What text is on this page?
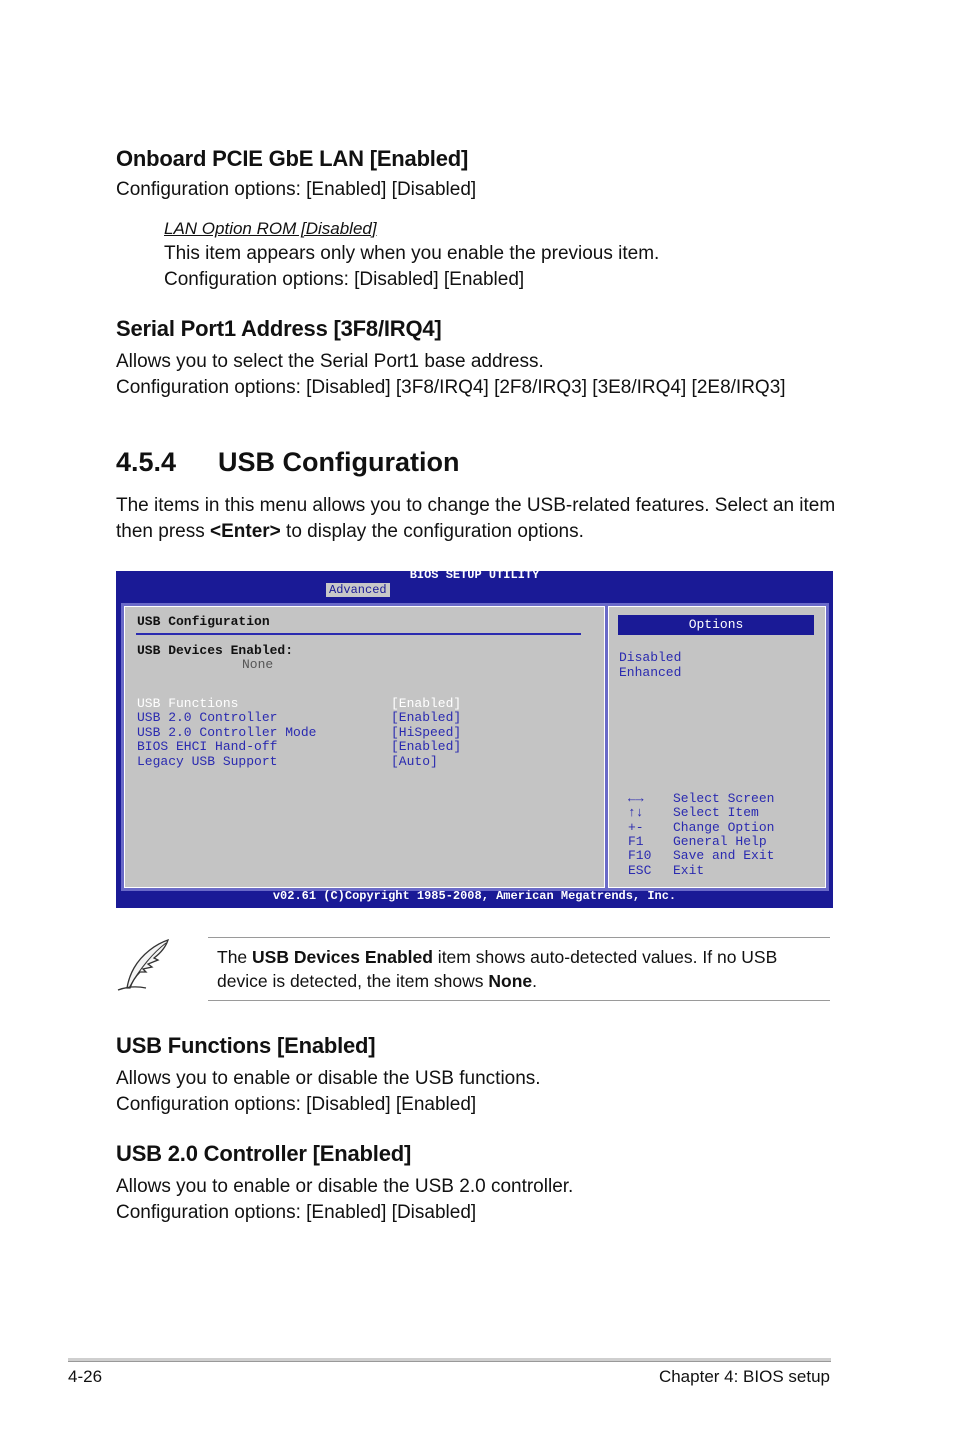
Onboard PCIE GbE LAN [Enabled]
Configuration options: [Enabled] [Disabled]
LAN Option ROM [Disabled]
This item appears only when you enable the previous item.
Configuration options: [Disabled] [Enabled]
Serial Port1 Address [3F8/IRQ4]
Allows you to select the Serial Port1 base address.
Configuration options: [Disabled] [3F8/IRQ4] [2F8/IRQ3] [3E8/IRQ4] [2E8/IRQ3]
4.5.4 USB Configuration
The items in this menu allows you to change the USB-related features. Select an item then press <Enter> to display the configuration options.
BIOS SETUP UTILITY
Advanced
USB Configuration
USB Devices Enabled:
None
USB Functions	[Enabled]
USB 2.0 Controller	[Enabled]
USB 2.0 Controller Mode	[HiSpeed]
BIOS EHCI Hand-off	[Enabled]
Legacy USB Support	[Auto]
Options
Disabled
Enhanced
←→	Select Screen
↑↓	Select Item
+-	Change Option
F1	General Help
F10	Save and Exit
ESC	Exit
v02.61 (C)Copyright 1985-2008, American Megatrends, Inc.
The USB Devices Enabled item shows auto-detected values. If no USB device is detected, the item shows None.
USB Functions [Enabled]
Allows you to enable or disable the USB functions.
Configuration options: [Disabled] [Enabled]
USB 2.0 Controller [Enabled]
Allows you to enable or disable the USB 2.0 controller.
Configuration options: [Enabled] [Disabled]
4-26	Chapter 4: BIOS setup
